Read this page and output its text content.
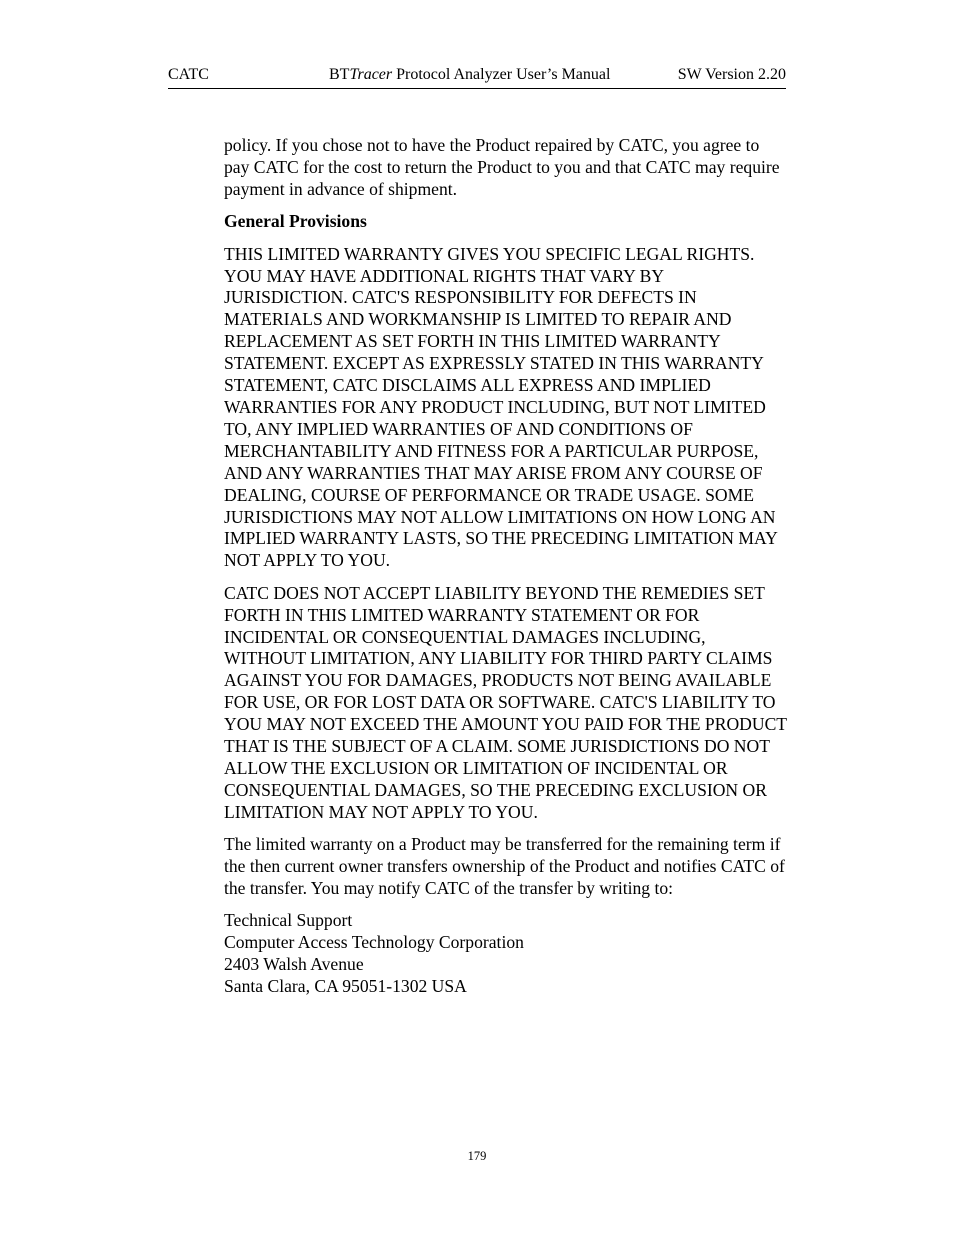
CATC	BTTracer Protocol Analyzer User’s Manual	SW Version 2.20

policy. If you chose not to have the Product repaired by CATC, you agree to pay CATC for the cost to return the Product to you and that CATC may require payment in advance of shipment.

General Provisions

THIS LIMITED WARRANTY GIVES YOU SPECIFIC LEGAL RIGHTS. YOU MAY HAVE ADDITIONAL RIGHTS THAT VARY BY JURISDICTION. CATC'S RESPONSIBILITY FOR DEFECTS IN MATERIALS AND WORKMANSHIP IS LIMITED TO REPAIR AND REPLACEMENT AS SET FORTH IN THIS LIMITED WARRANTY STATEMENT. EXCEPT AS EXPRESSLY STATED IN THIS WARRANTY STATEMENT, CATC DISCLAIMS ALL EXPRESS AND IMPLIED WARRANTIES FOR ANY PRODUCT INCLUDING, BUT NOT LIMITED TO, ANY IMPLIED WARRANTIES OF AND CONDITIONS OF MERCHANTABILITY AND FITNESS FOR A PARTICULAR PURPOSE, AND ANY WARRANTIES THAT MAY ARISE FROM ANY COURSE OF DEALING, COURSE OF PERFORMANCE OR TRADE USAGE. SOME JURISDICTIONS MAY NOT ALLOW LIMITATIONS ON HOW LONG AN IMPLIED WARRANTY LASTS, SO THE PRECEDING LIMITATION MAY NOT APPLY TO YOU.

CATC DOES NOT ACCEPT LIABILITY BEYOND THE REMEDIES SET FORTH IN THIS LIMITED WARRANTY STATEMENT OR FOR INCIDENTAL OR CONSEQUENTIAL DAMAGES INCLUDING, WITHOUT LIMITATION, ANY LIABILITY FOR THIRD PARTY CLAIMS AGAINST YOU FOR DAMAGES, PRODUCTS NOT BEING AVAILABLE FOR USE, OR FOR LOST DATA OR SOFTWARE. CATC'S LIABILITY TO YOU MAY NOT EXCEED THE AMOUNT YOU PAID FOR THE PRODUCT THAT IS THE SUBJECT OF A CLAIM. SOME JURISDICTIONS DO NOT ALLOW THE EXCLUSION OR LIMITATION OF INCIDENTAL OR CONSEQUENTIAL DAMAGES, SO THE PRECEDING EXCLUSION OR LIMITATION MAY NOT APPLY TO YOU.

The limited warranty on a Product may be transferred for the remaining term if the then current owner transfers ownership of the Product and notifies CATC of the transfer. You may notify CATC of the transfer by writing to:

Technical Support
Computer Access Technology Corporation
2403 Walsh Avenue
Santa Clara, CA 95051-1302 USA

179
